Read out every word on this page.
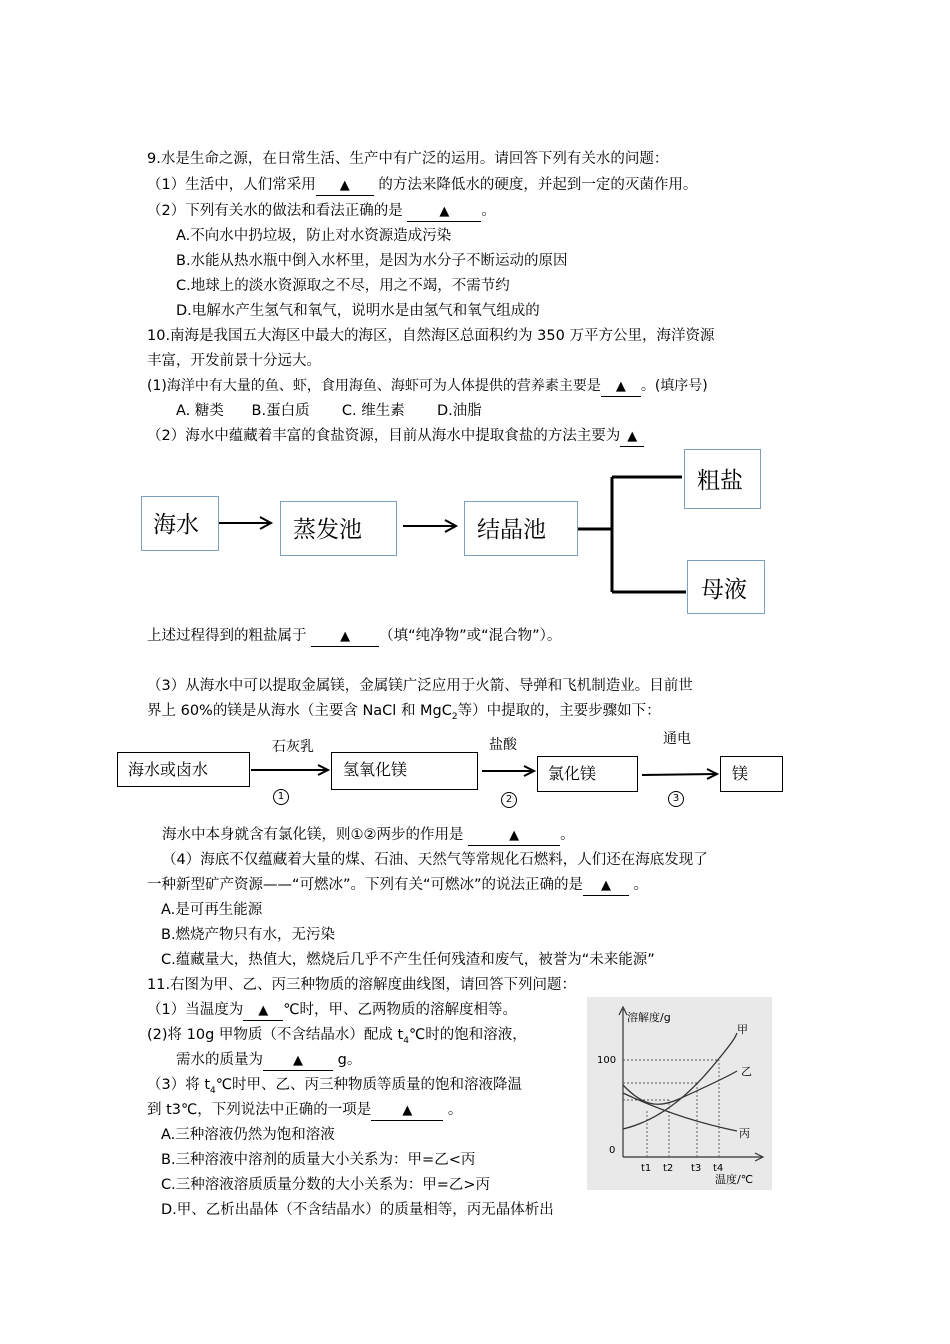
9.水是生命之源，在日常生活、生产中有广泛的运用。请回答下列有关水的问题：
（1）生活中，人们常采用 ▲ 的方法来降低水的硬度，并起到一定的灭菌作用。
（2）下列有关水的做法和看法正确的是	▲ 。
A.不向水中扔垃圾，防止对水资源造成污染
B.水能从热水瓶中倒入水杯里，是因为水分子不断运动的原因
C.地球上的淡水资源取之不尽，用之不竭，不需节约
D.电解水产生氢气和氧气，说明水是由氢气和氧气组成的
10.南海是我国五大海区中最大的海区，自然海区总面积约为 350 万平方公里，海洋资源
丰富，开发前景十分远大。
(1)海洋中有大量的鱼、虾，食用海鱼、海虾可为人体提供的营养素主要是 ▲ 。(填序号)
A. 糖类      B.蛋白质       C. 维生素       D.油脂
（2）海水中蕴藏着丰富的食盐资源，目前从海水中提取食盐的方法主要为 ▲
海水	蒸发池	结晶池
粗盐
母液
上述过程得到的粗盐属于	▲ （填“纯净物”或“混合物”）。
（3）从海水中可以提取金属镁，金属镁广泛应用于火箭、导弹和飞机制造业。目前世
界上 60%的镁是从海水（主要含 NaCl 和 MgC$_2$等）中提取的，主要步骤如下：
海水或卤水	氢氧化镁	氯化镁	镁
石灰乳	盐酸	通电
1	2	3
海水中本身就含有氯化镁，则①②两步的作用是	▲	。
（4）海底不仅蕴藏着大量的煤、石油、天然气等常规化石燃料，人们还在海底发现了
一种新型矿产资源——“可燃冰”。下列有关“可燃冰”的说法正确的是 ▲ 。
A.是可再生能源
B.燃烧产物只有水，无污染
C.蕴藏量大，热值大，燃烧后几乎不产生任何残渣和废气，被誉为“未来能源”
11.右图为甲、乙、丙三种物质的溶解度曲线图，请回答下列问题：
（1）当温度为 ▲ ℃时，甲、乙两物质的溶解度相等。
(2)将 10g 甲物质（不含结晶水）配成 $t_4℃$时的饱和溶液，
需水的质量为 ▲ g。
（3）将 $t_4℃$时甲、乙、丙三种物质等质量的饱和溶液降温
到 t3℃，下列说法中正确的一项是 ▲ 。
A.三种溶液仍然为饱和溶液
B.三种溶液中溶剂的质量大小关系为：甲=乙<丙
C.三种溶液溶质质量分数的大小关系为：甲=乙>丙
D.甲、乙析出晶体（不含结晶水）的质量相等，丙无晶体析出
溶解度/g
100
0
t1 t2 t3 t4
温度/℃
甲
乙
丙
